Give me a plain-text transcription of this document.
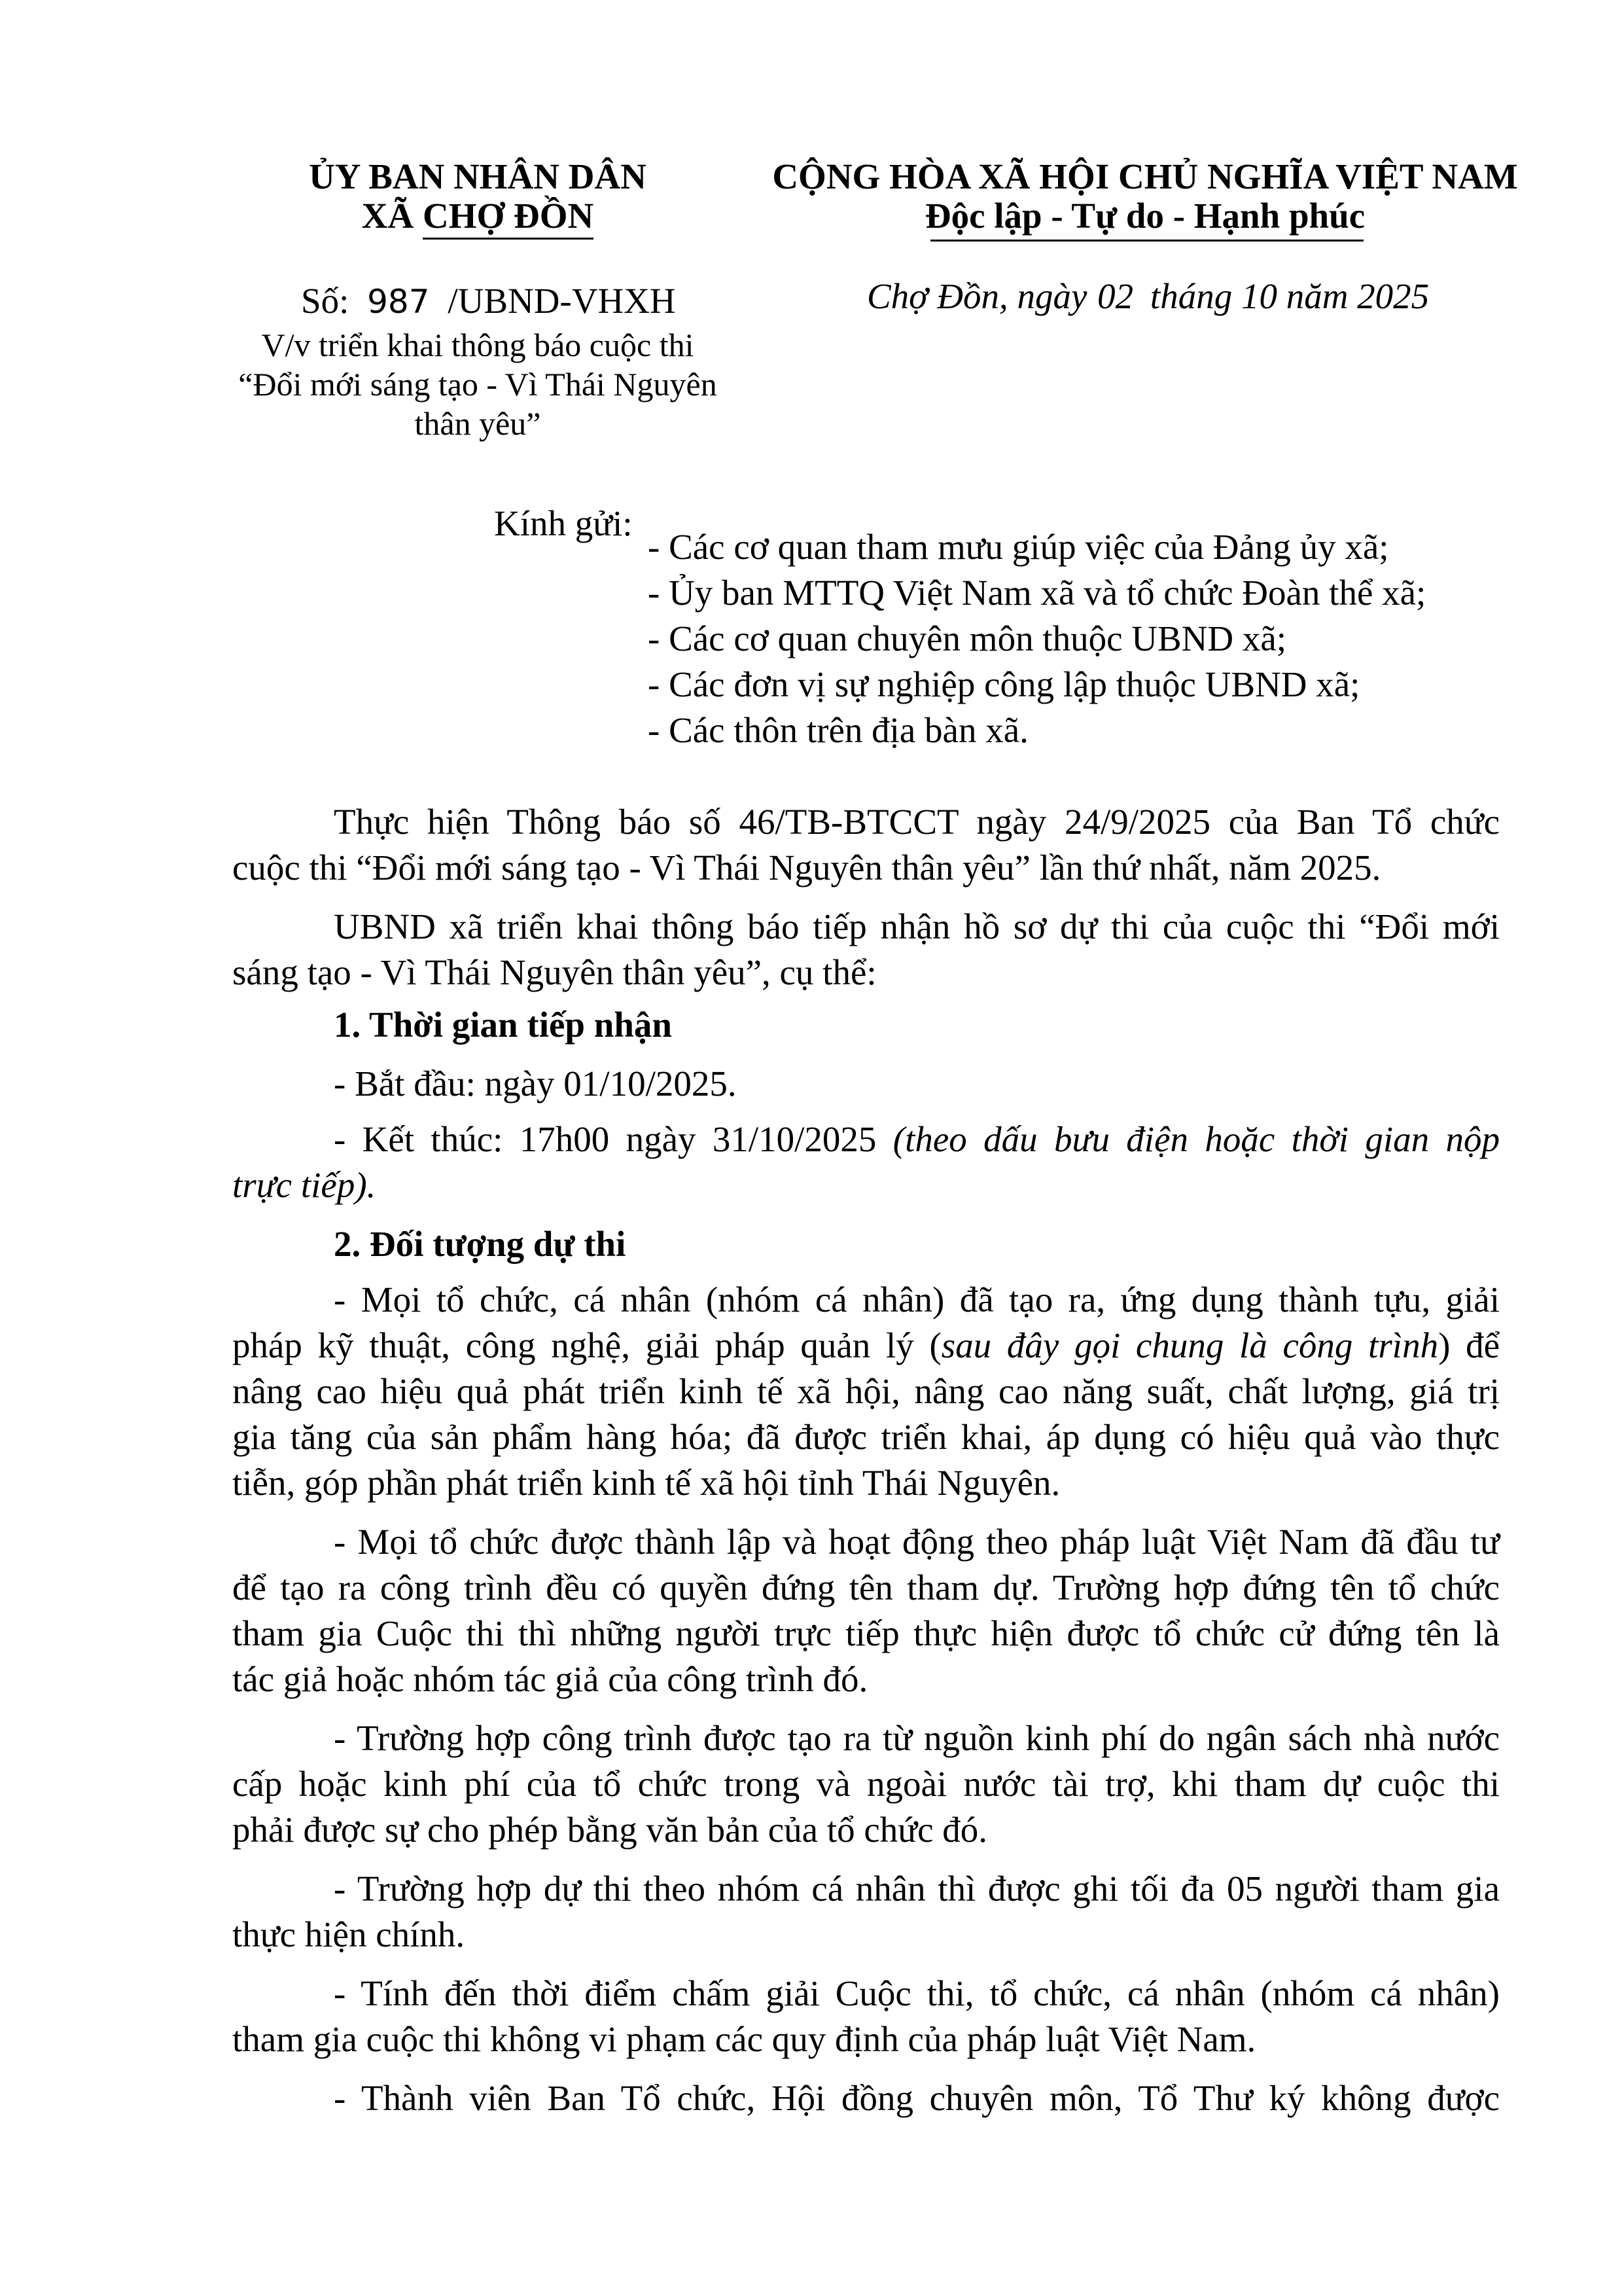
ỦY BAN NHÂN DÂN
XÃ CHỢ ĐỒN
Số: 987 /UBND-VHXH
V/v triển khai thông báo cuộc thi
“Đổi mới sáng tạo - Vì Thái Nguyên
thân yêu”
CỘNG HÒA XÃ HỘI CHỦ NGHĨA VIỆT NAM
Độc lập - Tự do - Hạnh phúc
Chợ Đồn, ngày 02 tháng 10 năm 2025
Kính gửi:
- Các cơ quan tham mưu giúp việc của Đảng ủy xã;
- Ủy ban MTTQ Việt Nam xã và tổ chức Đoàn thể xã;
- Các cơ quan chuyên môn thuộc UBND xã;
- Các đơn vị sự nghiệp công lập thuộc UBND xã;
- Các thôn trên địa bàn xã.
Thực hiện Thông báo số 46/TB-BTCCT ngày 24/9/2025 của Ban Tổ chức
cuộc thi “Đổi mới sáng tạo - Vì Thái Nguyên thân yêu” lần thứ nhất, năm 2025.
UBND xã triển khai thông báo tiếp nhận hồ sơ dự thi của cuộc thi “Đổi mới
sáng tạo - Vì Thái Nguyên thân yêu”, cụ thể:
1. Thời gian tiếp nhận
- Bắt đầu: ngày 01/10/2025.
- Kết thúc: 17h00 ngày 31/10/2025 (theo dấu bưu điện hoặc thời gian nộp
trực tiếp).
2. Đối tượng dự thi
- Mọi tổ chức, cá nhân (nhóm cá nhân) đã tạo ra, ứng dụng thành tựu, giải
pháp kỹ thuật, công nghệ, giải pháp quản lý (sau đây gọi chung là công trình) để
nâng cao hiệu quả phát triển kinh tế xã hội, nâng cao năng suất, chất lượng, giá trị
gia tăng của sản phẩm hàng hóa; đã được triển khai, áp dụng có hiệu quả vào thực
tiễn, góp phần phát triển kinh tế xã hội tỉnh Thái Nguyên.
- Mọi tổ chức được thành lập và hoạt động theo pháp luật Việt Nam đã đầu tư
để tạo ra công trình đều có quyền đứng tên tham dự. Trường hợp đứng tên tổ chức
tham gia Cuộc thi thì những người trực tiếp thực hiện được tổ chức cử đứng tên là
tác giả hoặc nhóm tác giả của công trình đó.
- Trường hợp công trình được tạo ra từ nguồn kinh phí do ngân sách nhà nước
cấp hoặc kinh phí của tổ chức trong và ngoài nước tài trợ, khi tham dự cuộc thi
phải được sự cho phép bằng văn bản của tổ chức đó.
- Trường hợp dự thi theo nhóm cá nhân thì được ghi tối đa 05 người tham gia
thực hiện chính.
- Tính đến thời điểm chấm giải Cuộc thi, tổ chức, cá nhân (nhóm cá nhân)
tham gia cuộc thi không vi phạm các quy định của pháp luật Việt Nam.
- Thành viên Ban Tổ chức, Hội đồng chuyên môn, Tổ Thư ký không được
